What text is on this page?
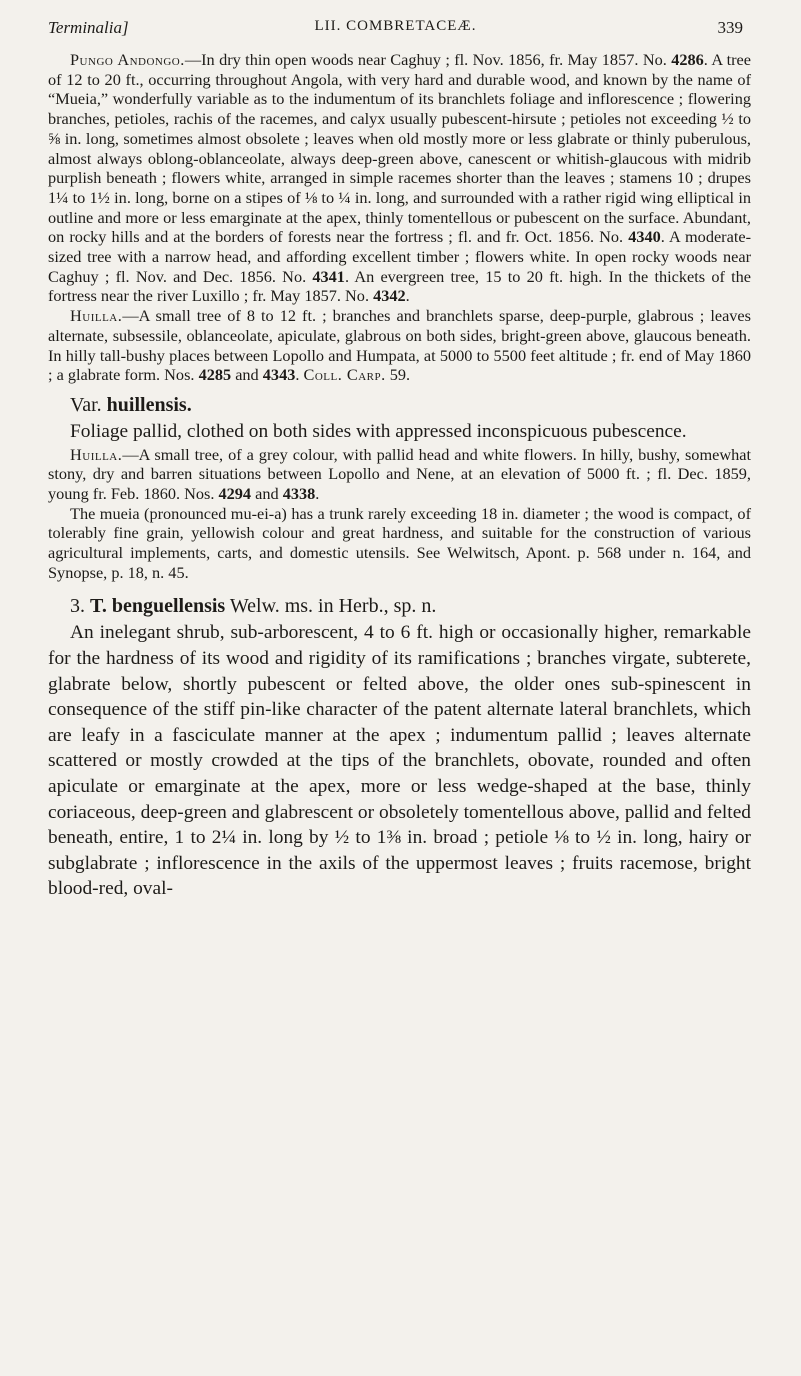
Terminalia]	LII. COMBRETACEÆ.	339

Pungo Andongo.—In dry thin open woods near Caghuy ; fl. Nov. 1856, fr. May 1857. No. 4286. A tree of 12 to 20 ft., occurring throughout Angola, with very hard and durable wood, and known by the name of “Mueia,” wonderfully variable as to the indumentum of its branchlets foliage and inflorescence ; flowering branches, petioles, rachis of the racemes, and calyx usually pubescent-hirsute ; petioles not exceeding ½ to ⅝ in. long, sometimes almost obsolete ; leaves when old mostly more or less glabrate or thinly puberulous, almost always oblong-oblanceolate, always deep-green above, canescent or whitish-glaucous with midrib purplish beneath ; flowers white, arranged in simple racemes shorter than the leaves ; stamens 10 ; drupes 1¼ to 1½ in. long, borne on a stipes of ⅛ to ¼ in. long, and surrounded with a rather rigid wing elliptical in outline and more or less emarginate at the apex, thinly tomentellous or pubescent on the surface. Abundant, on rocky hills and at the borders of forests near the fortress ; fl. and fr. Oct. 1856. No. 4340. A moderate-sized tree with a narrow head, and affording excellent timber ; flowers white. In open rocky woods near Caghuy ; fl. Nov. and Dec. 1856. No. 4341. An evergreen tree, 15 to 20 ft. high. In the thickets of the fortress near the river Luxillo ; fr. May 1857. No. 4342.

Huilla.—A small tree of 8 to 12 ft. ; branches and branchlets sparse, deep-purple, glabrous ; leaves alternate, subsessile, oblanceolate, apiculate, glabrous on both sides, bright-green above, glaucous beneath. In hilly tall-bushy places between Lopollo and Humpata, at 5000 to 5500 feet altitude ; fr. end of May 1860 ; a glabrate form. Nos. 4285 and 4343. Coll. Carp. 59.

Var. huillensis.

Foliage pallid, clothed on both sides with appressed inconspicuous pubescence.

Huilla.—A small tree, of a grey colour, with pallid head and white flowers. In hilly, bushy, somewhat stony, dry and barren situations between Lopollo and Nene, at an elevation of 5000 ft. ; fl. Dec. 1859, young fr. Feb. 1860. Nos. 4294 and 4338.

The mueia (pronounced mu-ei-a) has a trunk rarely exceeding 18 in. diameter ; the wood is compact, of tolerably fine grain, yellowish colour and great hardness, and suitable for the construction of various agricultural implements, carts, and domestic utensils. See Welwitsch, Apont. p. 568 under n. 164, and Synopse, p. 18, n. 45.

3. T. benguellensis Welw. ms. in Herb., sp. n.

An inelegant shrub, sub-arborescent, 4 to 6 ft. high or occasionally higher, remarkable for the hardness of its wood and rigidity of its ramifications ; branches virgate, subterete, glabrate below, shortly pubescent or felted above, the older ones sub-spinescent in consequence of the stiff pin-like character of the patent alternate lateral branchlets, which are leafy in a fasciculate manner at the apex ; indumentum pallid ; leaves alternate scattered or mostly crowded at the tips of the branchlets, obovate, rounded and often apiculate or emarginate at the apex, more or less wedge-shaped at the base, thinly coriaceous, deep-green and glabrescent or obsoletely tomentellous above, pallid and felted beneath, entire, 1 to 2¼ in. long by ½ to 1⅜ in. broad ; petiole ⅛ to ½ in. long, hairy or subglabrate ; inflorescence in the axils of the uppermost leaves ; fruits racemose, bright blood-red, oval-
